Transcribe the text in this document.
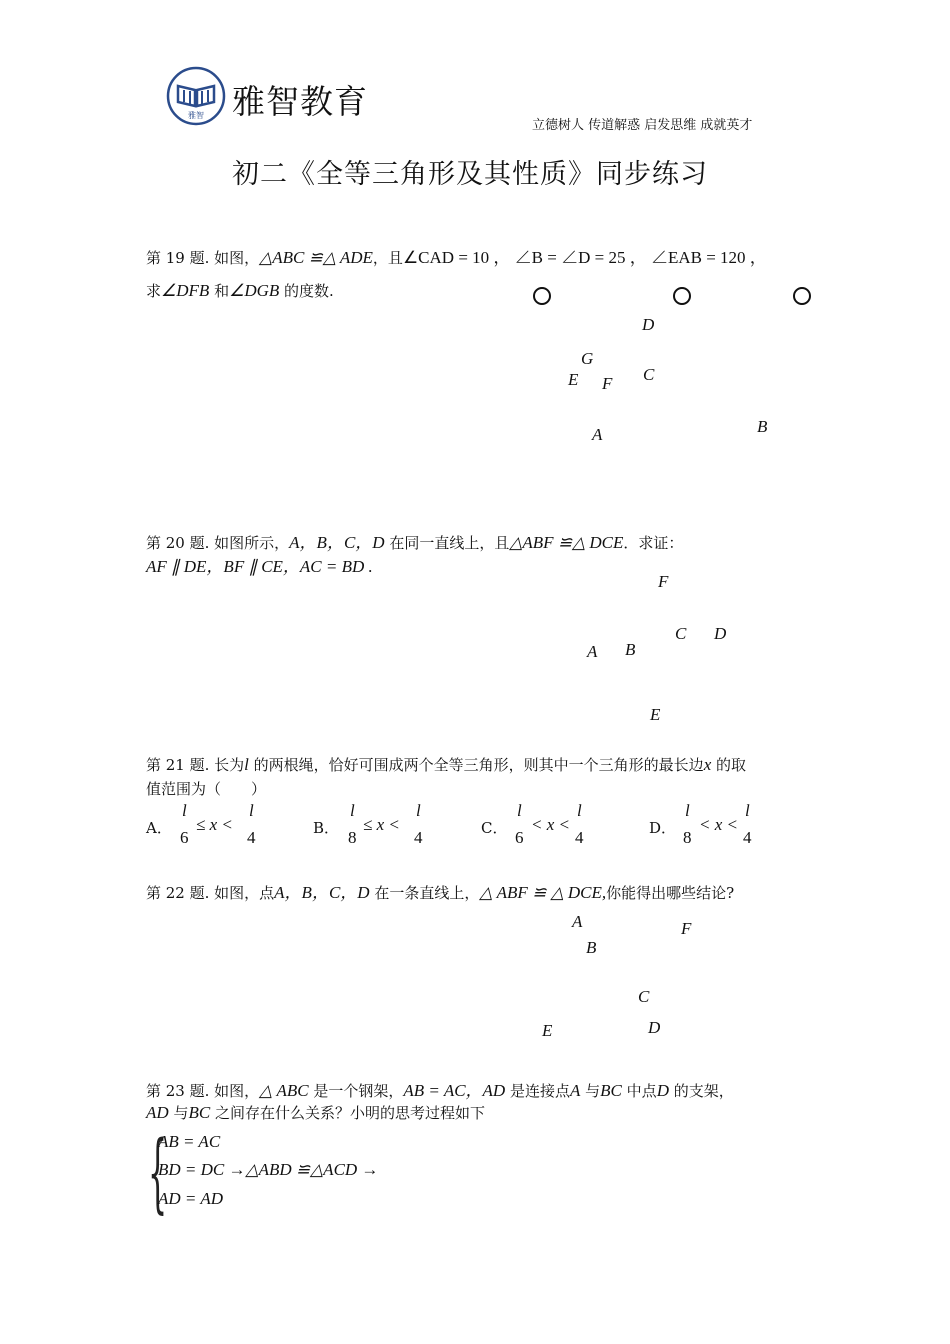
雅智 雅智教育
立德树人 传道解惑 启发思维 成就英才
初二《全等三角形及其性质》同步练习
第 19 题. 如图，△ABC ≌△ ADE，且∠CAD = 10 ， ∠B = ∠D = 25 ， ∠EAB = 120 ，
求∠DFB 和∠DGB 的度数.
D
G
E F C
A	B
第 20 题. 如图所示，A，B，C，D 在同一直线上，且△ABF ≌△ DCE．求证：
AF ∥ DE，BF ∥ CE，AC = BD .
F
C D
A B
E
第 21 题. 长为l 的两根绳，恰好可围成两个全等三角形，则其中一个三角形的最长边x 的取
值范围为（　　）
A．
l
6
≤ x <
l
4	B．
l
8
≤ x <
l
4	C．
l
6
< x <
l
4	D．
l
8
< x <
l
4
第 22 题. 如图，点A，B，C，D 在一条直线上，△ ABF ≌ △ DCE,你能得出哪些结论?
A	F
B
C
E	D
第 23 题. 如图，△ ABC 是一个钢架，AB = AC，AD 是连接点A 与BC 中点D 的支架，
AD 与BC 之间存在什么关系？小明的思考过程如下
{
AB = AC
BD = DC →△ABD ≌△ACD →
AD = AD
